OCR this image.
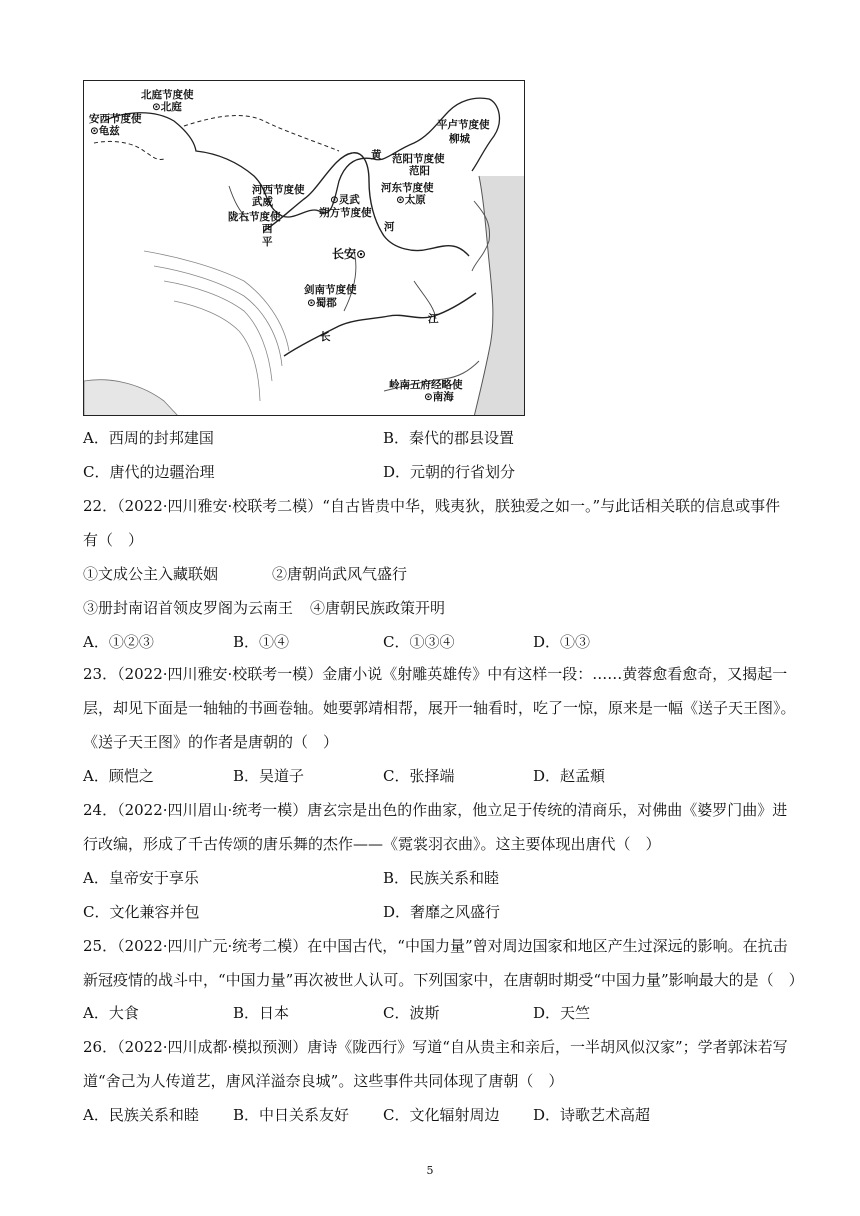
北庭节度使
⊙北庭
安西节度使
⊙龟兹	平卢节度使
柳城
黄 范阳节度使
范阳
河东节度使
⊙太原
河西节度使
武威	⊙灵武
朔方节度使
陇右节度使
西
平
河
长安⊙
剑南节度使
⊙蜀郡
江
长
岭南五府经略使
⊙南海
A．西周的封邦建国	B．秦代的郡县设置
C．唐代的边疆治理	D．元朝的行省划分
22．（2022·四川雅安·校联考二模）“自古皆贵中华，贱夷狄，朕独爱之如一。”与此话相关联的信息或事件
有（　）
①文成公主入藏联姻	②唐朝尚武风气盛行
③册封南诏首领皮罗阁为云南王 ④唐朝民族政策开明
A．①②③	B．①④	C．①③④	D．①③
23．（2022·四川雅安·校联考一模）金庸小说《射雕英雄传》中有这样一段：……黄蓉愈看愈奇，又揭起一
层，却见下面是一轴轴的书画卷轴。她要郭靖相帮，展开一轴看时，吃了一惊，原来是一幅《送子天王图》。
《送子天王图》的作者是唐朝的（　）
A．顾恺之	B．吴道子	C．张择端	D．赵孟頫
24．（2022·四川眉山·统考一模）唐玄宗是出色的作曲家，他立足于传统的清商乐，对佛曲《婆罗门曲》进
行改编，形成了千古传颂的唐乐舞的杰作——《霓裳羽衣曲》。这主要体现出唐代（　）
A．皇帝安于享乐	B．民族关系和睦
C．文化兼容并包	D．奢靡之风盛行
25．（2022·四川广元·统考二模）在中国古代，“中国力量”曾对周边国家和地区产生过深远的影响。在抗击
新冠疫情的战斗中，“中国力量”再次被世人认可。下列国家中，在唐朝时期受“中国力量”影响最大的是（　）
A．大食	B．日本	C．波斯	D．天竺
26．（2022·四川成都·模拟预测）唐诗《陇西行》写道“自从贵主和亲后，一半胡风似汉家”；学者郭沫若写
道“舍己为人传道艺，唐风洋溢奈良城”。这些事件共同体现了唐朝（　）
A．民族关系和睦 B．中日关系友好 C．文化辐射周边 D．诗歌艺术高超
5
